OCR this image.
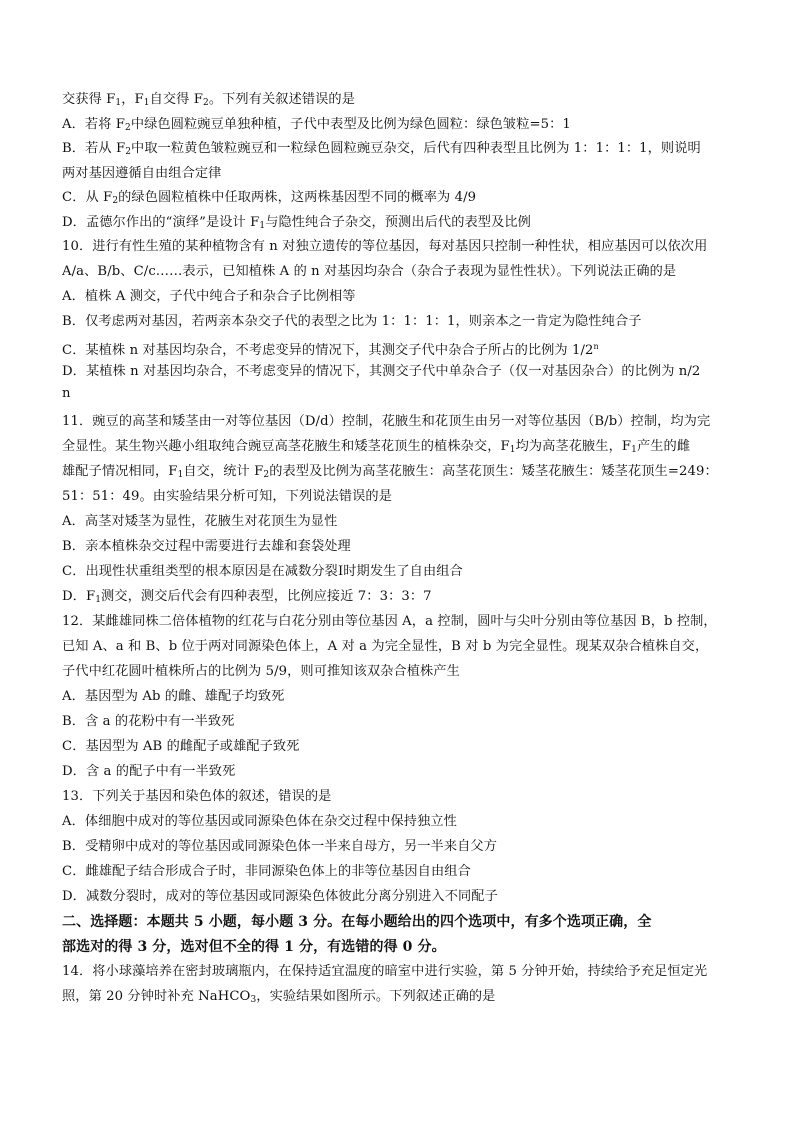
交获得 $F_1$，$F_1$自交得 $F_2$。下列有关叙述错误的是
A．若将 $F_2$中绿色圆粒豌豆单独种植，子代中表型及比例为绿色圆粒：绿色皱粒=5：1
B．若从 $F_2$中取一粒黄色皱粒豌豆和一粒绿色圆粒豌豆杂交，后代有四种表型且比例为 1：1：1：1，则说明
两对基因遵循自由组合定律
C．从 $F_2$的绿色圆粒植株中任取两株，这两株基因型不同的概率为 4/9
D．孟德尔作出的“演绎”是设计 $F_1$与隐性纯合子杂交，预测出后代的表型及比例
10．进行有性生殖的某种植物含有 n 对独立遗传的等位基因，每对基因只控制一种性状，相应基因可以依次用
A/a、B/b、C/c……表示，已知植株 A 的 n 对基因均杂合（杂合子表现为显性性状）。下列说法正确的是
A．植株 A 测交，子代中纯合子和杂合子比例相等
B．仅考虑两对基因，若两亲本杂交子代的表型之比为 1：1：1：1，则亲本之一肯定为隐性纯合子
C．某植株 n 对基因均杂合，不考虑变异的情况下，其测交子代中杂合子所占的比例为 1/2$^n$
D．某植株 n 对基因均杂合，不考虑变异的情况下，其测交子代中单杂合子（仅一对基因杂合）的比例为 n/2
n
11．豌豆的高茎和矮茎由一对等位基因（D/d）控制，花腋生和花顶生由另一对等位基因（B/b）控制，均为完
全显性。某生物兴趣小组取纯合豌豆高茎花腋生和矮茎花顶生的植株杂交，$F_1$均为高茎花腋生，$F_1$产生的雌
雄配子情况相同，$F_1$自交，统计 $F_2$的表型及比例为高茎花腋生：高茎花顶生：矮茎花腋生：矮茎花顶生=249：
51：51：49。由实验结果分析可知，下列说法错误的是
A．高茎对矮茎为显性，花腋生对花顶生为显性
B．亲本植株杂交过程中需要进行去雄和套袋处理
C．出现性状重组类型的根本原因是在减数分裂Ⅰ时期发生了自由组合
D．$F_1$测交，测交后代会有四种表型，比例应接近 7：3：3：7
12．某雌雄同株二倍体植物的红花与白花分别由等位基因 A，a 控制，圆叶与尖叶分别由等位基因 B，b 控制，
已知 A、a 和 B、b 位于两对同源染色体上，A 对 a 为完全显性，B 对 b 为完全显性。现某双杂合植株自交，
子代中红花圆叶植株所占的比例为 5/9，则可推知该双杂合植株产生
A．基因型为 Ab 的雌、雄配子均致死
B．含 a 的花粉中有一半致死
C．基因型为 AB 的雌配子或雄配子致死
D．含 a 的配子中有一半致死
13．下列关于基因和染色体的叙述，错误的是
A．体细胞中成对的等位基因或同源染色体在杂交过程中保持独立性
B．受精卵中成对的等位基因或同源染色体一半来自母方，另一半来自父方
C．雌雄配子结合形成合子时，非同源染色体上的非等位基因自由组合
D．减数分裂时，成对的等位基因或同源染色体彼此分离分别进入不同配子
二、选择题：本题共 5 小题，每小题 3 分。在每小题给出的四个选项中，有多个选项正确，全
部选对的得 3 分，选对但不全的得 1 分，有选错的得 0 分。
14．将小球藻培养在密封玻璃瓶内，在保持适宜温度的暗室中进行实验，第 5 分钟开始，持续给予充足恒定光
照，第 20 分钟时补充 NaHCO$_3$，实验结果如图所示。下列叙述正确的是
